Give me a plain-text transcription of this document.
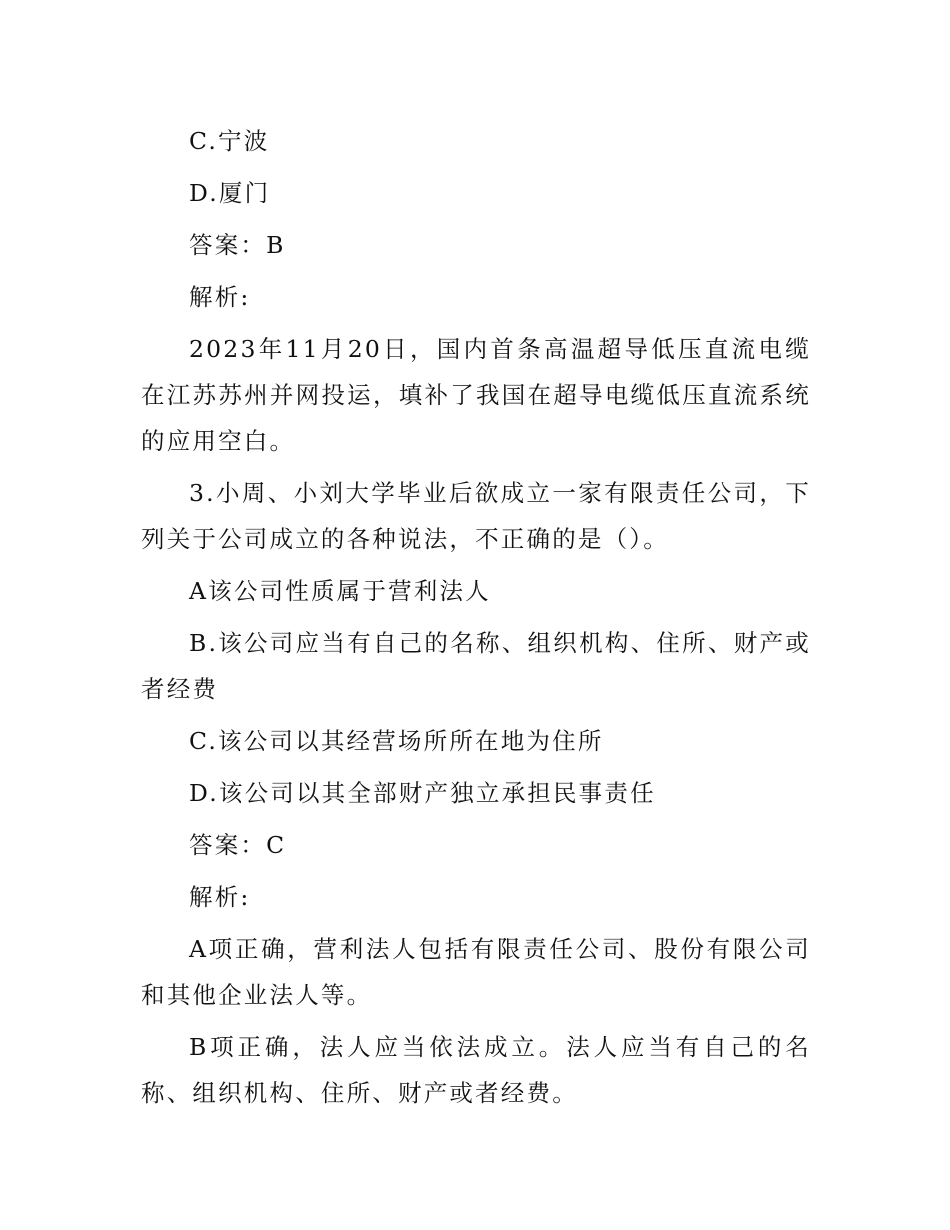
C.宁波

D.厦门

答案：B

解析:

2023年11月20日，国内首条高温超导低压直流电缆在江苏苏州并网投运，填补了我国在超导电缆低压直流系统的应用空白。

3.小周、小刘大学毕业后欲成立一家有限责任公司，下列关于公司成立的各种说法，不正确的是（）。

A该公司性质属于营利法人

B.该公司应当有自己的名称、组织机构、住所、财产或者经费

C.该公司以其经营场所所在地为住所

D.该公司以其全部财产独立承担民事责任

答案：C

解析:

A项正确，营利法人包括有限责任公司、股份有限公司和其他企业法人等。

B项正确，法人应当依法成立。法人应当有自己的名称、组织机构、住所、财产或者经费。
